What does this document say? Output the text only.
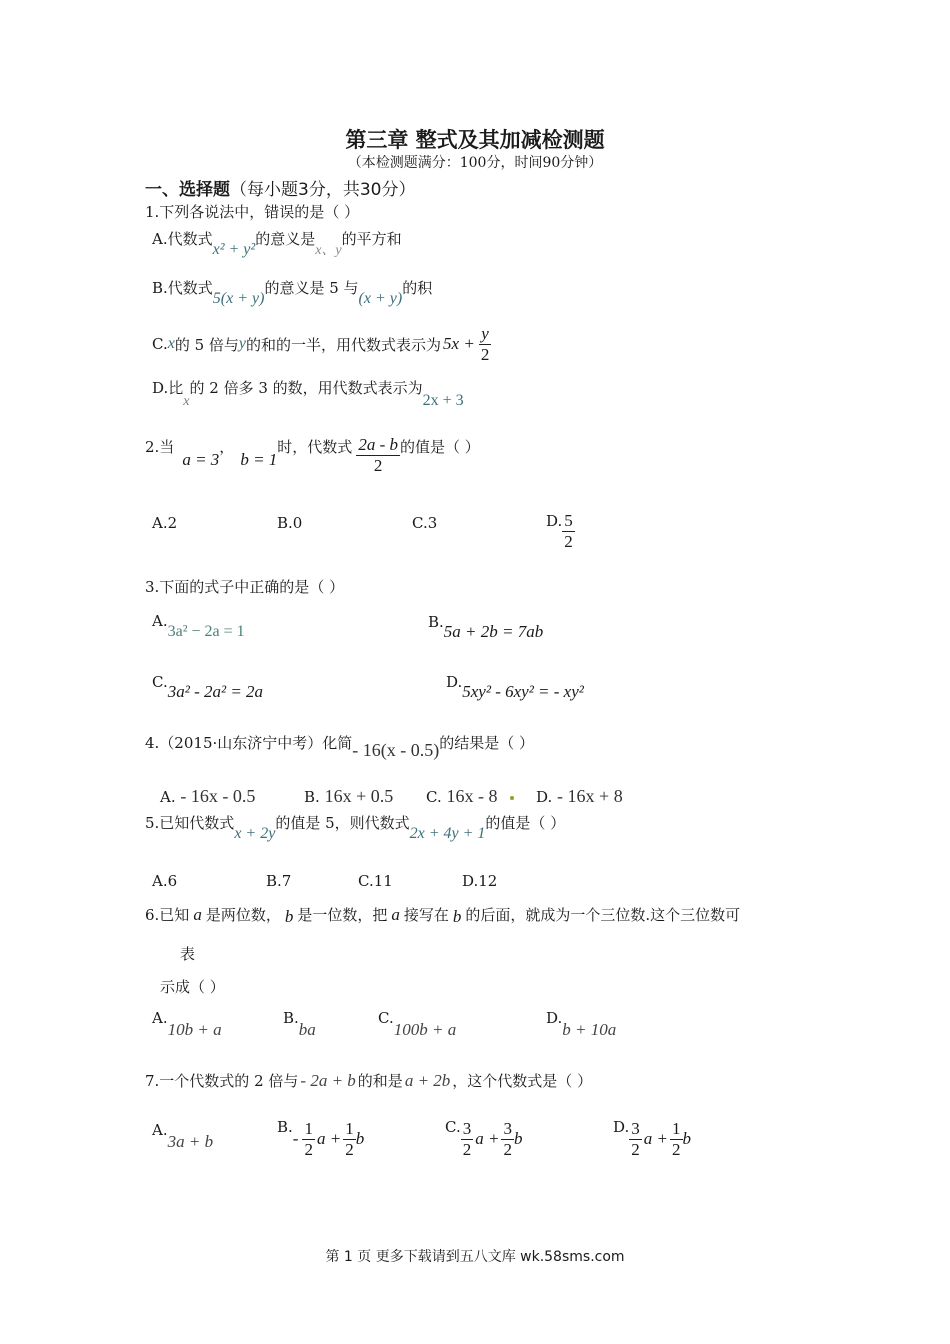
第三章 整式及其加减检测题
（本检测题满分：100分，时间90分钟）
一、选择题（每小题3分，共30分）
1.下列各说法中，错误的是（ ）
A.代数式x² + y²的意义是x、y的平方和
B.代数式5(x + y)的意义是 5 与(x + y)的积
C. x 的 5 倍与 y 的和的一半，用代数式表示为 $5x + \frac{y}{2}$
D.比x的 2 倍多 3 的数，用代数式表示为2x + 3
2.当
a = 3
，
b = 1
时，代数式 $\frac{2a - b}{2}$ 的值是（ ）
A.2	B.0	C.3	D. $\frac{5}{2}$
3.下面的式子中正确的是（ ）
A.3a² − 2a = 1
B.5a + 2b = 7ab
C.3a² - 2a² = 2a	D.5xy² - 6xy² = - xy²
4.（2015·山东济宁中考）化简- 16(x - 0.5)的结果是（ ）
A. - 16x - 0.5	B. 16x + 0.5 C. 16x - 8	D. - 16x + 8
5.已知代数式x + 2y的值是 5，则代数式2x + 4y + 1的值是（ ）
A.6	B.7	C.11	D.12
6.已知 a 是两位数， b 是一位数，把 a 接写在 b 的后面，就成为一个三位数.这个三位数可
表
示成（ ）
A.10b + a
B.ba
C.100b + a
D.b + 10a
7.一个代数式的 2 倍与 - 2a + b 的和是 a + 2b ，这个代数式是（ ）
A.3a + b
B.
- $\frac{1}{2}$ $a + \frac{1}{2}$ b
C. $\frac{3}{2}$ $a + \frac{3}{2}$ b
D. $\frac{3}{2}$ $a + \frac{1}{2}$ b
第 1 页 更多下载请到五八文库 wk.58sms.com
